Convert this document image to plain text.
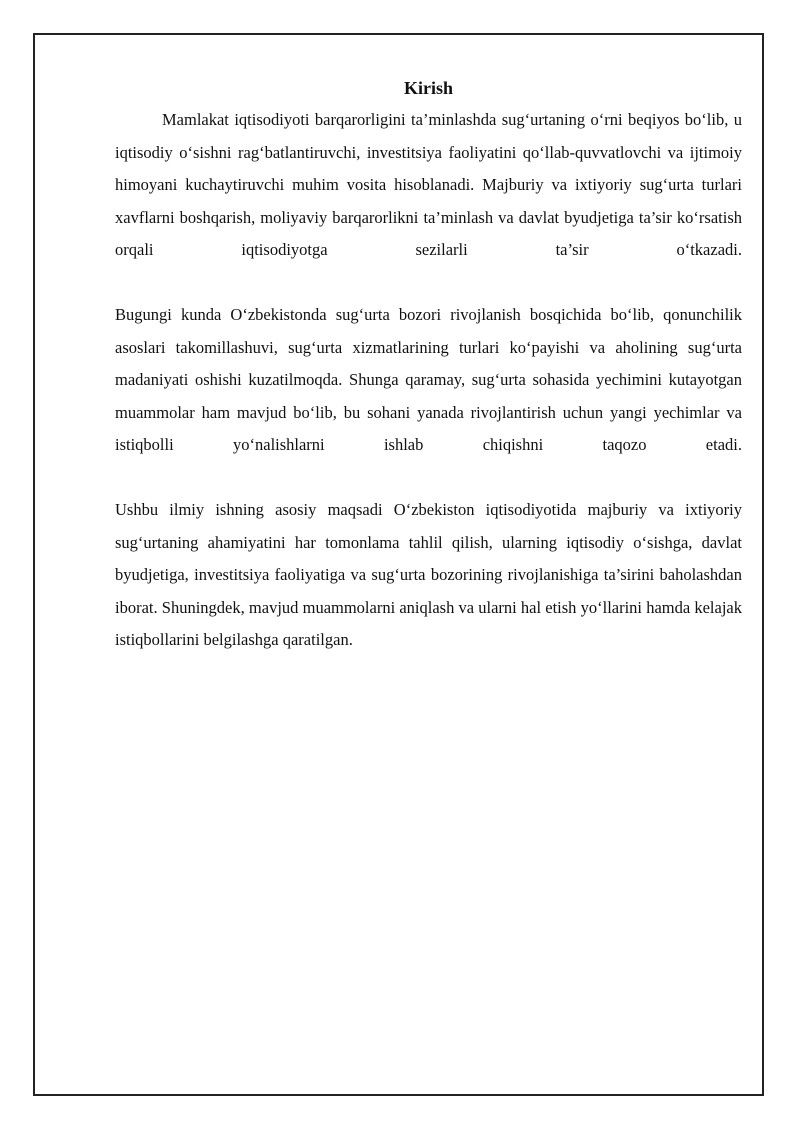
Kirish

Mamlakat iqtisodiyoti barqarorligini ta’minlashda sug‘urtaning o‘rni beqiyos bo‘lib, u iqtisodiy o‘sishni rag‘batlantiruvchi, investitsiya faoliyatini qo‘llab-quvvatlovchi va ijtimoiy himoyani kuchaytiruvchi muhim vosita hisoblanadi. Majburiy va ixtiyoriy sug‘urta turlari xavflarni boshqarish, moliyaviy barqarorlikni ta’minlash va davlat byudjetiga ta’sir ko‘rsatish orqali iqtisodiyotga sezilarli ta’sir o‘tkazadi.

Bugungi kunda O‘zbekistonda sug‘urta bozori rivojlanish bosqichida bo‘lib, qonunchilik asoslari takomillashuvi, sug‘urta xizmatlarining turlari ko‘payishi va aholining sug‘urta madaniyati oshishi kuzatilmoqda. Shunga qaramay, sug‘urta sohasida yechimini kutayotgan muammolar ham mavjud bo‘lib, bu sohani yanada rivojlantirish uchun yangi yechimlar va istiqbolli yo‘nalishlarni ishlab chiqishni taqozo etadi.

Ushbu ilmiy ishning asosiy maqsadi O‘zbekiston iqtisodiyotida majburiy va ixtiyoriy sug‘urtaning ahamiyatini har tomonlama tahlil qilish, ularning iqtisodiy o‘sishga, davlat byudjetiga, investitsiya faoliyatiga va sug‘urta bozorining rivojlanishiga ta’sirini baholashdan iborat. Shuningdek, mavjud muammolarni aniqlash va ularni hal etish yo‘llarini hamda kelajak istiqbollarini belgilashga qaratilgan.
